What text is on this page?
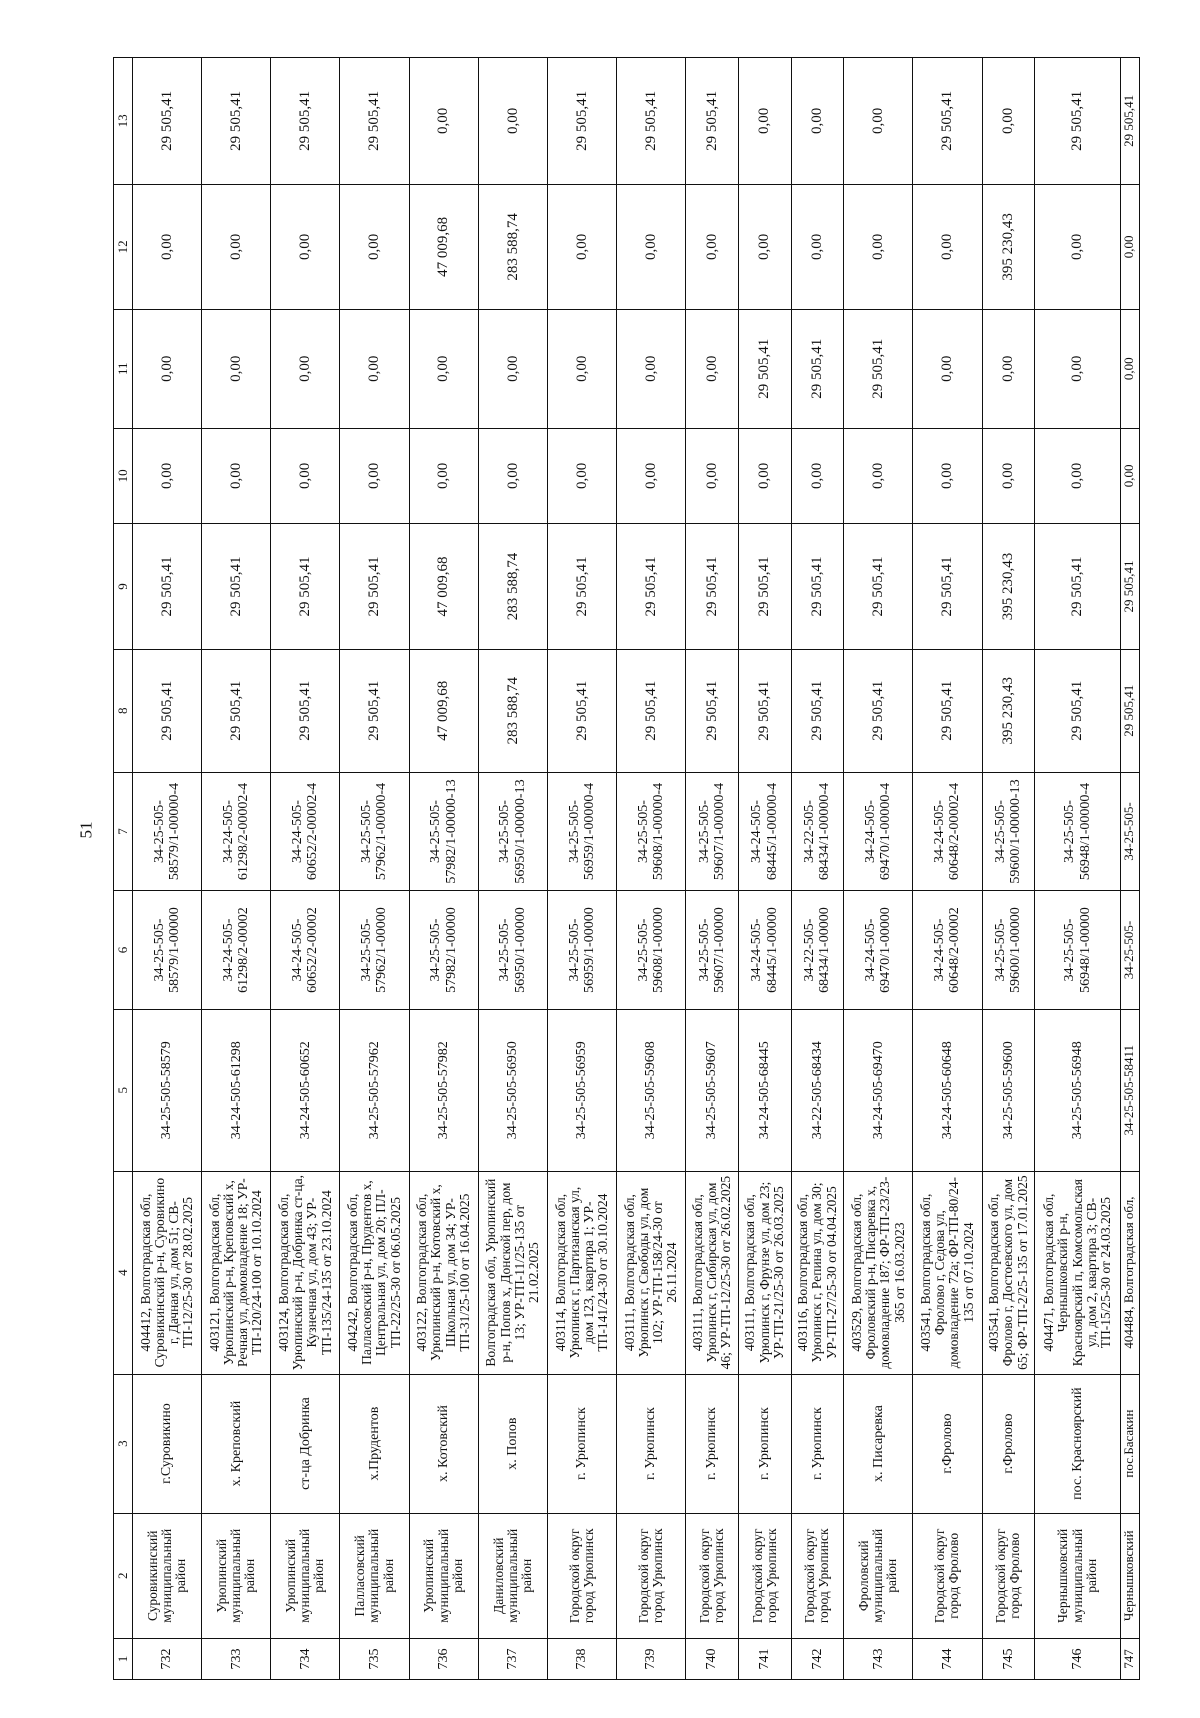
51
1	2	3	4	5	6	7	8	9	10	11	12	13
732	Суровикинский муниципальный район	г.Суровикино	404412, Волгоградская обл, Суровикинский р-н, Суровикино г, Дачная ул, дом 51; СВ-ТП-12/25-30 от 28.02.2025	34-25-505-58579	34-25-505-58579/1-00000	34-25-505-58579/1-00000-4	29 505,41	29 505,41	0,00	0,00	0,00	29 505,41
733	Урюпинский муниципальный район	х. Креповский	403121, Волгоградская обл, Урюпинский р-н, Креповский х, Речная ул, домовладение 18; УР-ТП-120/24-100 от 10.10.2024	34-24-505-61298	34-24-505-61298/2-00002	34-24-505-61298/2-00002-4	29 505,41	29 505,41	0,00	0,00	0,00	29 505,41
734	Урюпинский муниципальный район	ст-ца Добринка	403124, Волгоградская обл, Урюпинский р-н, Добринка ст-ца, Кузнечная ул, дом 43; УР-ТП-135/24-135 от 23.10.2024	34-24-505-60652	34-24-505-60652/2-00002	34-24-505-60652/2-00002-4	29 505,41	29 505,41	0,00	0,00	0,00	29 505,41
735	Палласовский муниципальный район	х.Прудентов	404242, Волгоградская обл, Палласовский р-н, Прудентов х, Центральная ул, дом 20; ПЛ-ТП-22/25-30 от 06.05.2025	34-25-505-57962	34-25-505-57962/1-00000	34-25-505-57962/1-00000-4	29 505,41	29 505,41	0,00	0,00	0,00	29 505,41
736	Урюпинский муниципальный район	х. Котовский	403122, Волгоградская обл, Урюпинский р-н, Котовский х, Школьная ул, дом 34; УР-ТП-31/25-100 от 16.04.2025	34-25-505-57982	34-25-505-57982/1-00000	34-25-505-57982/1-00000-13	47 009,68	47 009,68	0,00	0,00	47 009,68	0,00
737	Даниловский муниципальный район	х. Попов	Волгоградская обл, Урюпинский р-н, Попов х, Донской пер, дом 13; УР-ТП-11/25-135 от 21.02.2025	34-25-505-56950	34-25-505-56950/1-00000	34-25-505-56950/1-00000-13	283 588,74	283 588,74	0,00	0,00	283 588,74	0,00
738	Городской округ город Урюпинск	г. Урюпинск	403114, Волгоградская обл, Урюпинск г, Партизанская ул, дом 123, квартира 1; УР-ТП-141/24-30 от 30.10.2024	34-25-505-56959	34-25-505-56959/1-00000	34-25-505-56959/1-00000-4	29 505,41	29 505,41	0,00	0,00	0,00	29 505,41
739	Городской округ город Урюпинск	г. Урюпинск	403111, Волгоградская обл, Урюпинск г, Свободы ул, дом 102; УР-ТП-158/24-30 от 26.11.2024	34-25-505-59608	34-25-505-59608/1-00000	34-25-505-59608/1-00000-4	29 505,41	29 505,41	0,00	0,00	0,00	29 505,41
740	Городской округ город Урюпинск	г. Урюпинск	403111, Волгоградская обл, Урюпинск г, Сибирская ул, дом 46; УР-ТП-12/25-30 от 26.02.2025	34-25-505-59607	34-25-505-59607/1-00000	34-25-505-59607/1-00000-4	29 505,41	29 505,41	0,00	0,00	0,00	29 505,41
741	Городской округ город Урюпинск	г. Урюпинск	403111, Волгоградская обл, Урюпинск г, Фрунзе ул, дом 23; УР-ТП-21/25-30 от 26.03.2025	34-24-505-68445	34-24-505-68445/1-00000	34-24-505-68445/1-00000-4	29 505,41	29 505,41	0,00	29 505,41	0,00	0,00
742	Городской округ город Урюпинск	г. Урюпинск	403116, Волгоградская обл, Урюпинск г, Репина ул, дом 30; УР-ТП-27/25-30 от 04.04.2025	34-22-505-68434	34-22-505-68434/1-00000	34-22-505-68434/1-00000-4	29 505,41	29 505,41	0,00	29 505,41	0,00	0,00
743	Фроловский муниципальный район	х. Писаревка	403529, Волгоградская обл, Фроловский р-н, Писаревка х, домовладение 187; ФР-ТП-23/23-365 от 16.03.2023	34-24-505-69470	34-24-505-69470/1-00000	34-24-505-69470/1-00000-4	29 505,41	29 505,41	0,00	29 505,41	0,00	0,00
744	Городской округ город Фролово	г.Фролово	403541, Волгоградская обл, Фролово г, Седова ул, домовладение 72а; ФР-ТП-80/24-135 от 07.10.2024	34-24-505-60648	34-24-505-60648/2-00002	34-24-505-60648/2-00002-4	29 505,41	29 505,41	0,00	0,00	0,00	29 505,41
745	Городской округ город Фролово	г.Фролово	403541, Волгоградская обл, Фролово г, Достоевского ул, дом 65; ФР-ТП-2/25-135 от 17.01.2025	34-25-505-59600	34-25-505-59600/1-00000	34-25-505-59600/1-00000-13	395 230,43	395 230,43	0,00	0,00	395 230,43	0,00
746	Чернышковский муниципальный район	пос. Красноярский	404471, Волгоградская обл, Чернышковский р-н, Красноярский п, Комсомольская ул, дом 2, квартира 3; СВ-ТП-15/25-30 от 24.03.2025	34-25-505-56948	34-25-505-56948/1-00000	34-25-505-56948/1-00000-4	29 505,41	29 505,41	0,00	0,00	0,00	29 505,41
747	Чернышковский	пос.Басакин	404484, Волгоградская обл,	34-25-505-58411	34-25-505-	34-25-505-	29 505,41	29 505,41	0,00	0,00	0,00	29 505,41
